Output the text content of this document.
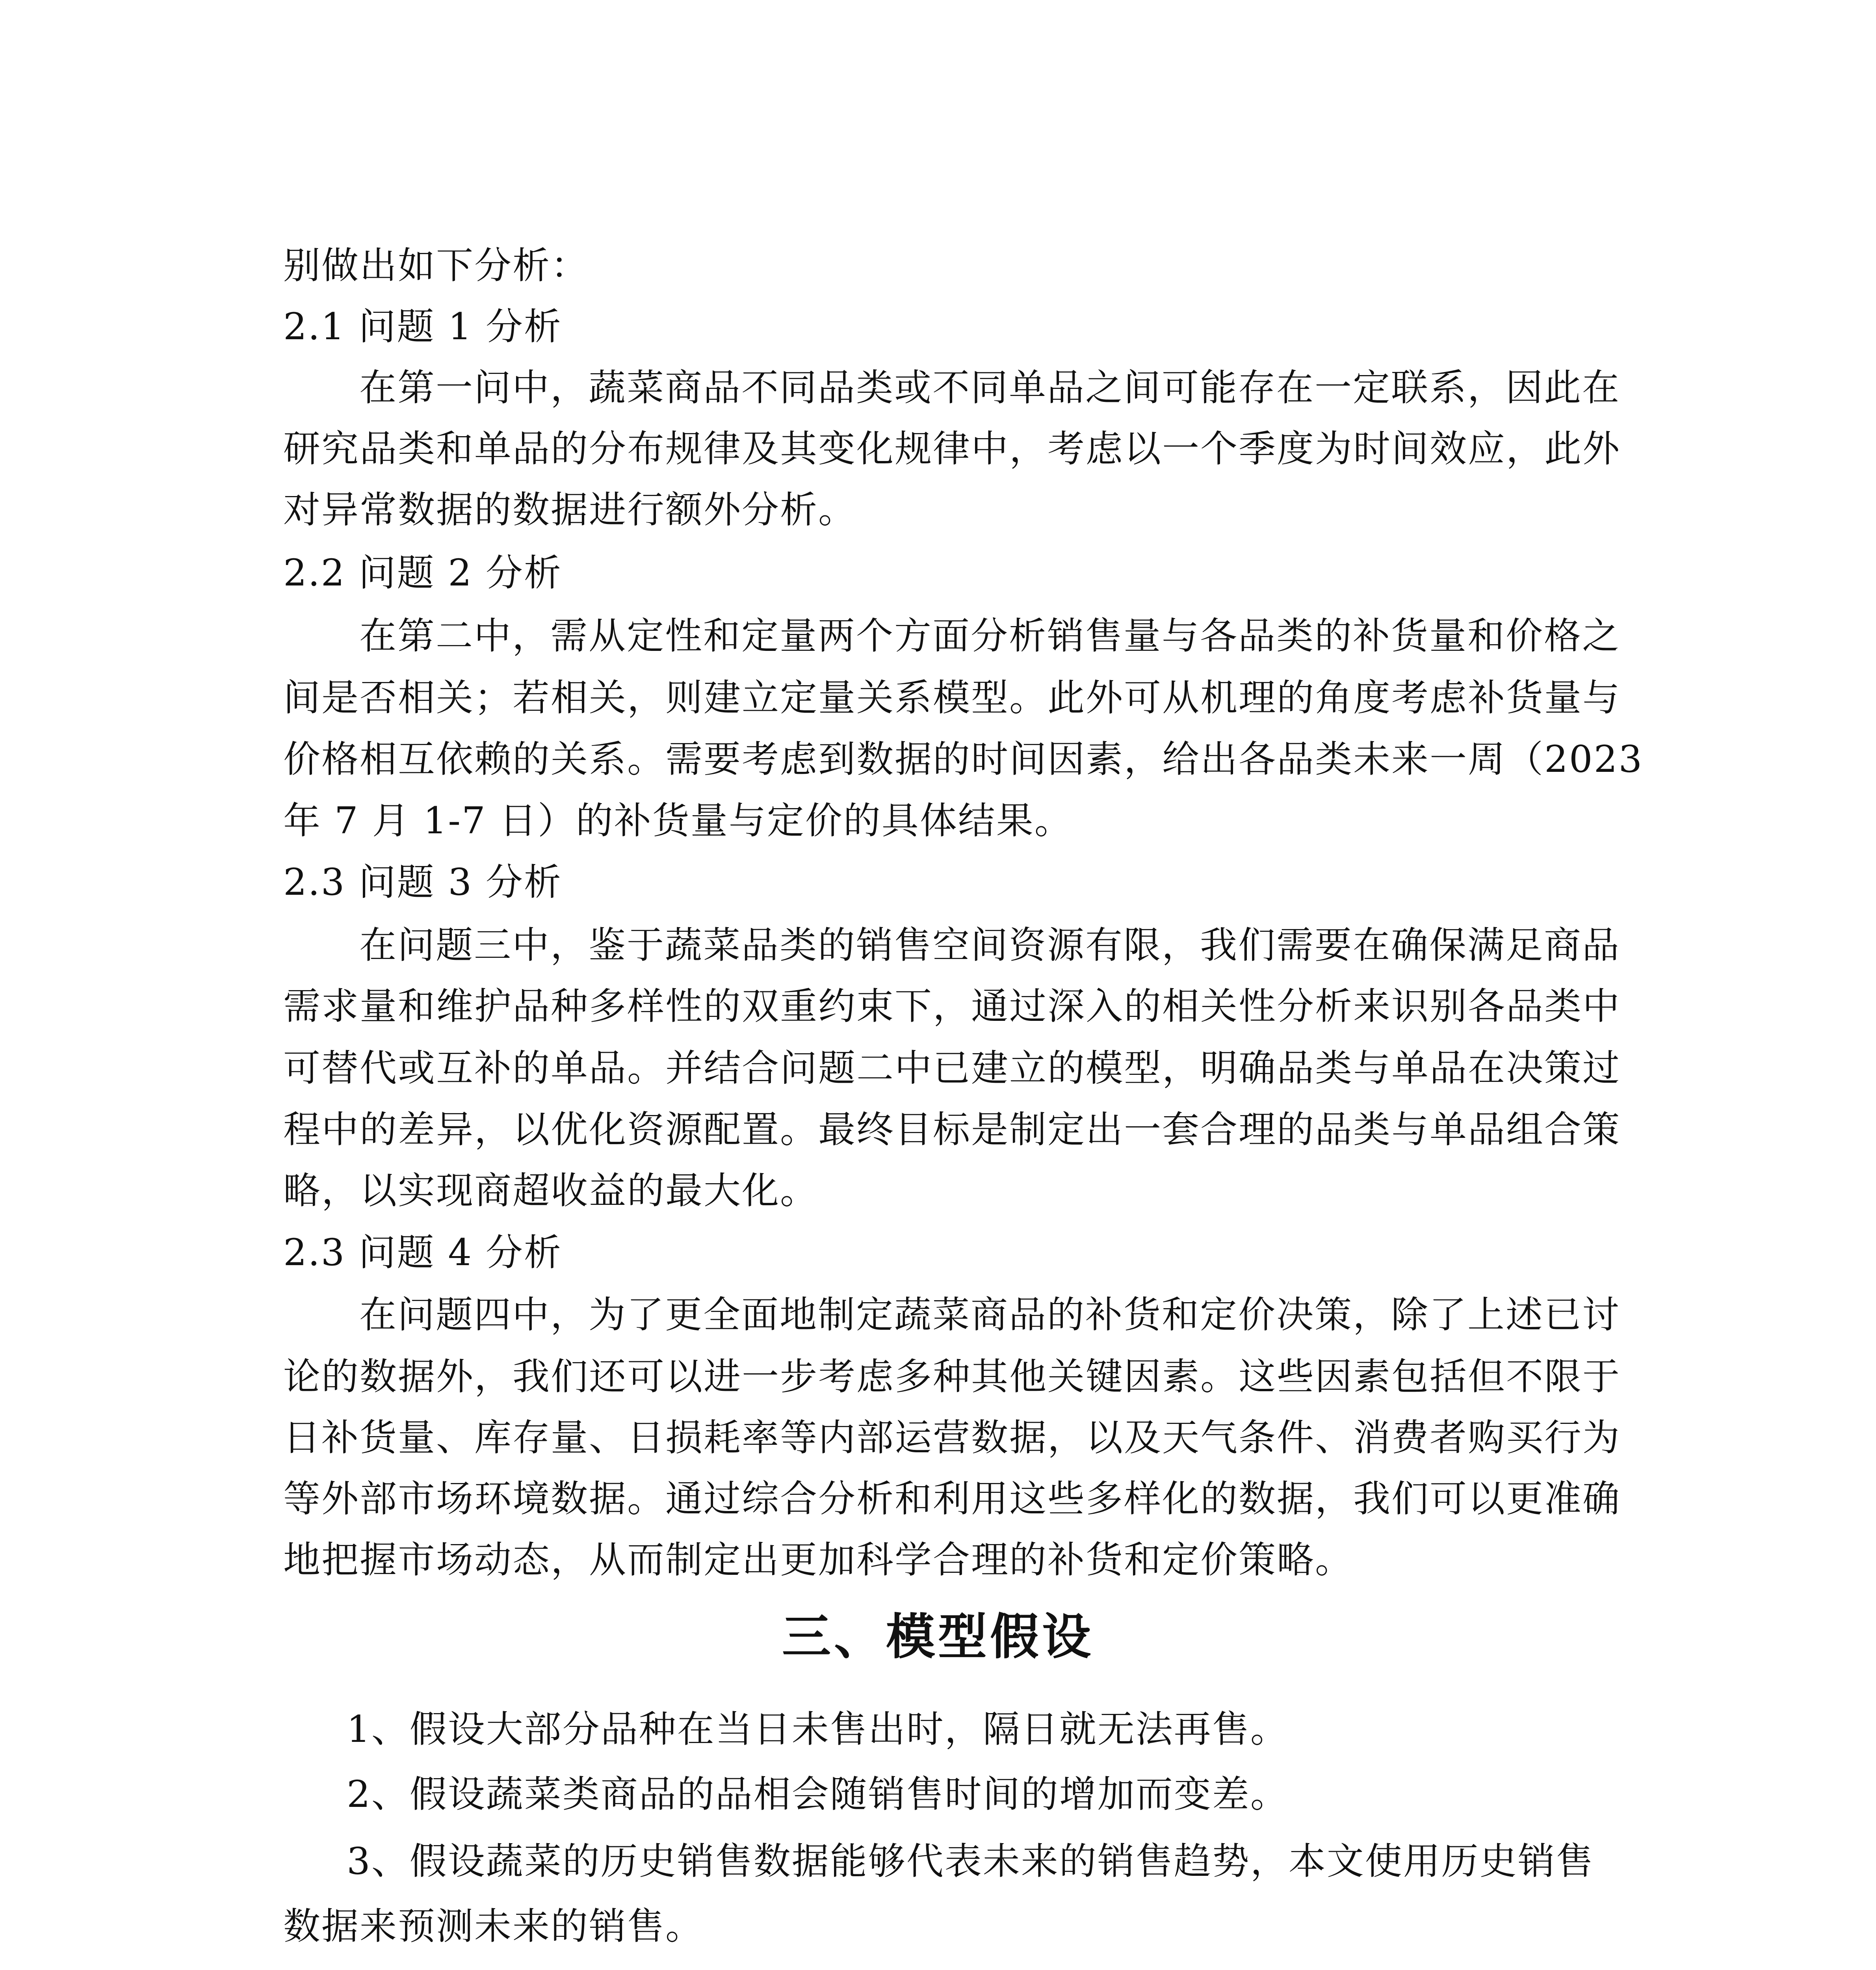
别做出如下分析：

2.1 问题 1 分析

在第一问中，蔬菜商品不同品类或不同单品之间可能存在一定联系，因此在

研究品类和单品的分布规律及其变化规律中，考虑以一个季度为时间效应，此外

对异常数据的数据进行额外分析。

2.2 问题 2 分析

在第二中，需从定性和定量两个方面分析销售量与各品类的补货量和价格之

间是否相关；若相关，则建立定量关系模型。此外可从机理的角度考虑补货量与

价格相互依赖的关系。需要考虑到数据的时间因素，给出各品类未来一周（2023

年 7 月 1-7 日）的补货量与定价的具体结果。

2.3 问题 3 分析

在问题三中，鉴于蔬菜品类的销售空间资源有限，我们需要在确保满足商品

需求量和维护品种多样性的双重约束下，通过深入的相关性分析来识别各品类中

可替代或互补的单品。并结合问题二中已建立的模型，明确品类与单品在决策过

程中的差异，以优化资源配置。最终目标是制定出一套合理的品类与单品组合策

略，以实现商超收益的最大化。

2.3 问题 4 分析

在问题四中，为了更全面地制定蔬菜商品的补货和定价决策，除了上述已讨

论的数据外，我们还可以进一步考虑多种其他关键因素。这些因素包括但不限于

日补货量、库存量、日损耗率等内部运营数据，以及天气条件、消费者购买行为

等外部市场环境数据。通过综合分析和利用这些多样化的数据，我们可以更准确

地把握市场动态，从而制定出更加科学合理的补货和定价策略。

三、模型假设

1、假设大部分品种在当日未售出时，隔日就无法再售。

2、假设蔬菜类商品的品相会随销售时间的增加而变差。

3、假设蔬菜的历史销售数据能够代表未来的销售趋势，本文使用历史销售

数据来预测未来的销售。
